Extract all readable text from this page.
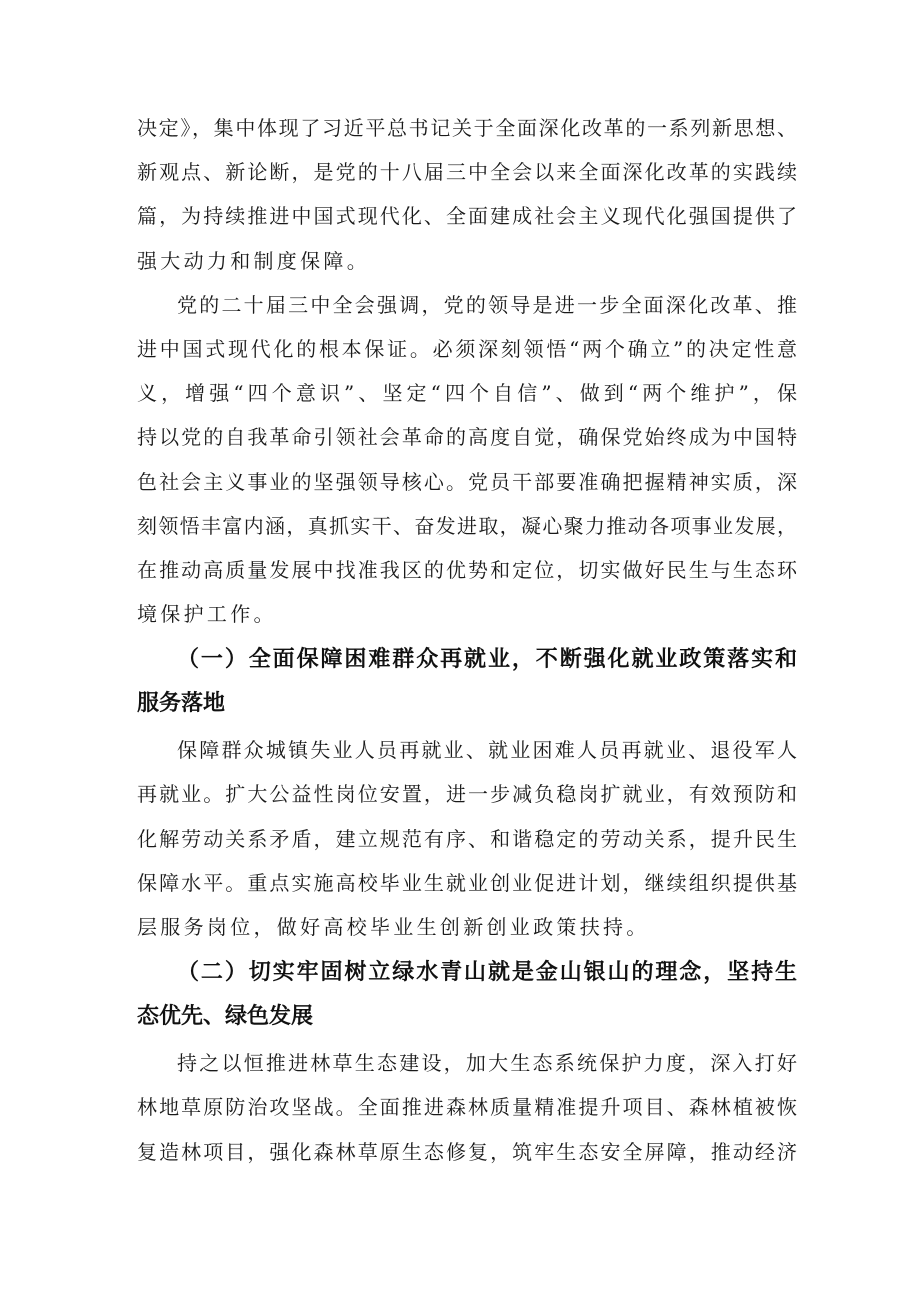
决定》，集中体现了习近平总书记关于全面深化改革的一系列新思想、
新观点、新论断，是党的十八届三中全会以来全面深化改革的实践续
篇，为持续推进中国式现代化、全面建成社会主义现代化强国提供了
强大动力和制度保障。
党的二十届三中全会强调，党的领导是进一步全面深化改革、推
进中国式现代化的根本保证。必须深刻领悟“两个确立”的决定性意
义，增强“四个意识”、坚定“四个自信”、做到“两个维护”，保
持以党的自我革命引领社会革命的高度自觉，确保党始终成为中国特
色社会主义事业的坚强领导核心。党员干部要准确把握精神实质，深
刻领悟丰富内涵，真抓实干、奋发进取，凝心聚力推动各项事业发展，
在推动高质量发展中找准我区的优势和定位，切实做好民生与生态环
境保护工作。
（一）全面保障困难群众再就业，不断强化就业政策落实和
服务落地
保障群众城镇失业人员再就业、就业困难人员再就业、退役军人
再就业。扩大公益性岗位安置，进一步减负稳岗扩就业，有效预防和
化解劳动关系矛盾，建立规范有序、和谐稳定的劳动关系，提升民生
保障水平。重点实施高校毕业生就业创业促进计划，继续组织提供基
层服务岗位，做好高校毕业生创新创业政策扶持。
（二）切实牢固树立绿水青山就是金山银山的理念，坚持生
态优先、绿色发展
持之以恒推进林草生态建设，加大生态系统保护力度，深入打好
林地草原防治攻坚战。全面推进森林质量精准提升项目、森林植被恢
复造林项目，强化森林草原生态修复，筑牢生态安全屏障，推动经济
